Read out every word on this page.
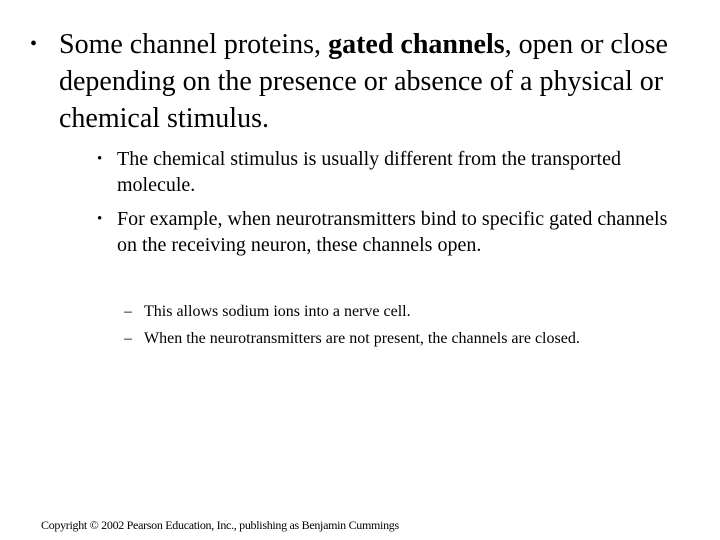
• Some channel proteins, gated channels, open or close depending on the presence or absence of a physical or chemical stimulus.

• The chemical stimulus is usually different from the transported molecule.

• For example, when neurotransmitters bind to specific gated channels on the receiving neuron, these channels open.

– This allows sodium ions into a nerve cell.

– When the neurotransmitters are not present, the channels are closed.

Copyright © 2002 Pearson Education, Inc., publishing as Benjamin Cummings
